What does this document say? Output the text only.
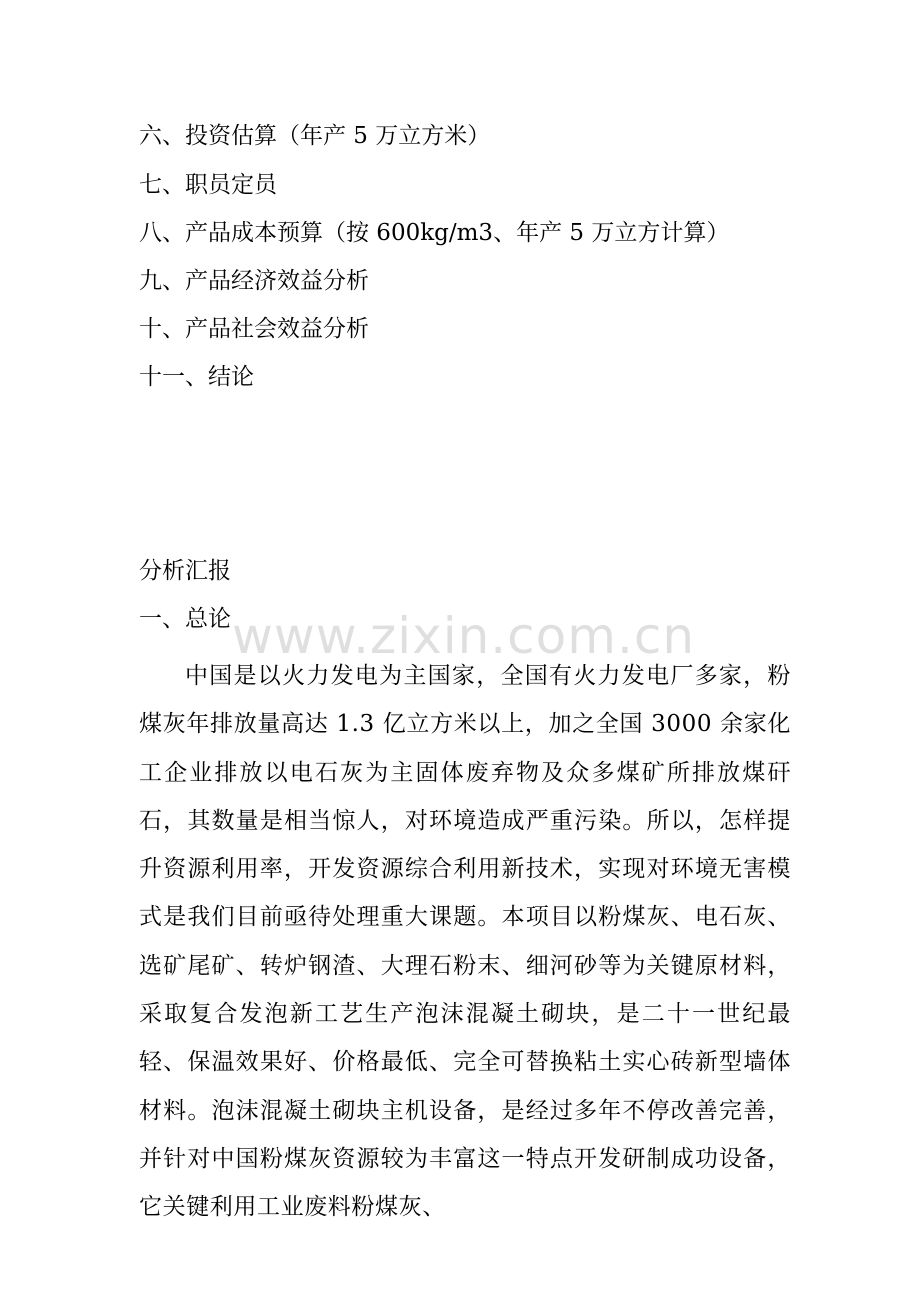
六、投资估算（年产 5 万立方米）
七、职员定员
八、产品成本预算（按 600kg/m3、年产 5 万立方计算）
九、产品经济效益分析
十、产品社会效益分析
十一、结论
分析汇报
一、总论
中国是以火力发电为主国家，全国有火力发电厂多家，粉煤灰年排放量高达 1.3 亿立方米以上，加之全国 3000 余家化工企业排放以电石灰为主固体废弃物及众多煤矿所排放煤矸石，其数量是相当惊人，对环境造成严重污染。所以，怎样提升资源利用率，开发资源综合利用新技术，实现对环境无害模式是我们目前亟待处理重大课题。本项目以粉煤灰、电石灰、选矿尾矿、转炉钢渣、大理石粉末、细河砂等为关键原材料，采取复合发泡新工艺生产泡沫混凝土砌块，是二十一世纪最轻、保温效果好、价格最低、完全可替换粘土实心砖新型墙体材料。泡沫混凝土砌块主机设备，是经过多年不停改善完善，并针对中国粉煤灰资源较为丰富这一特点开发研制成功设备，它关键利用工业废料粉煤灰、
www.zixin.com.cn
